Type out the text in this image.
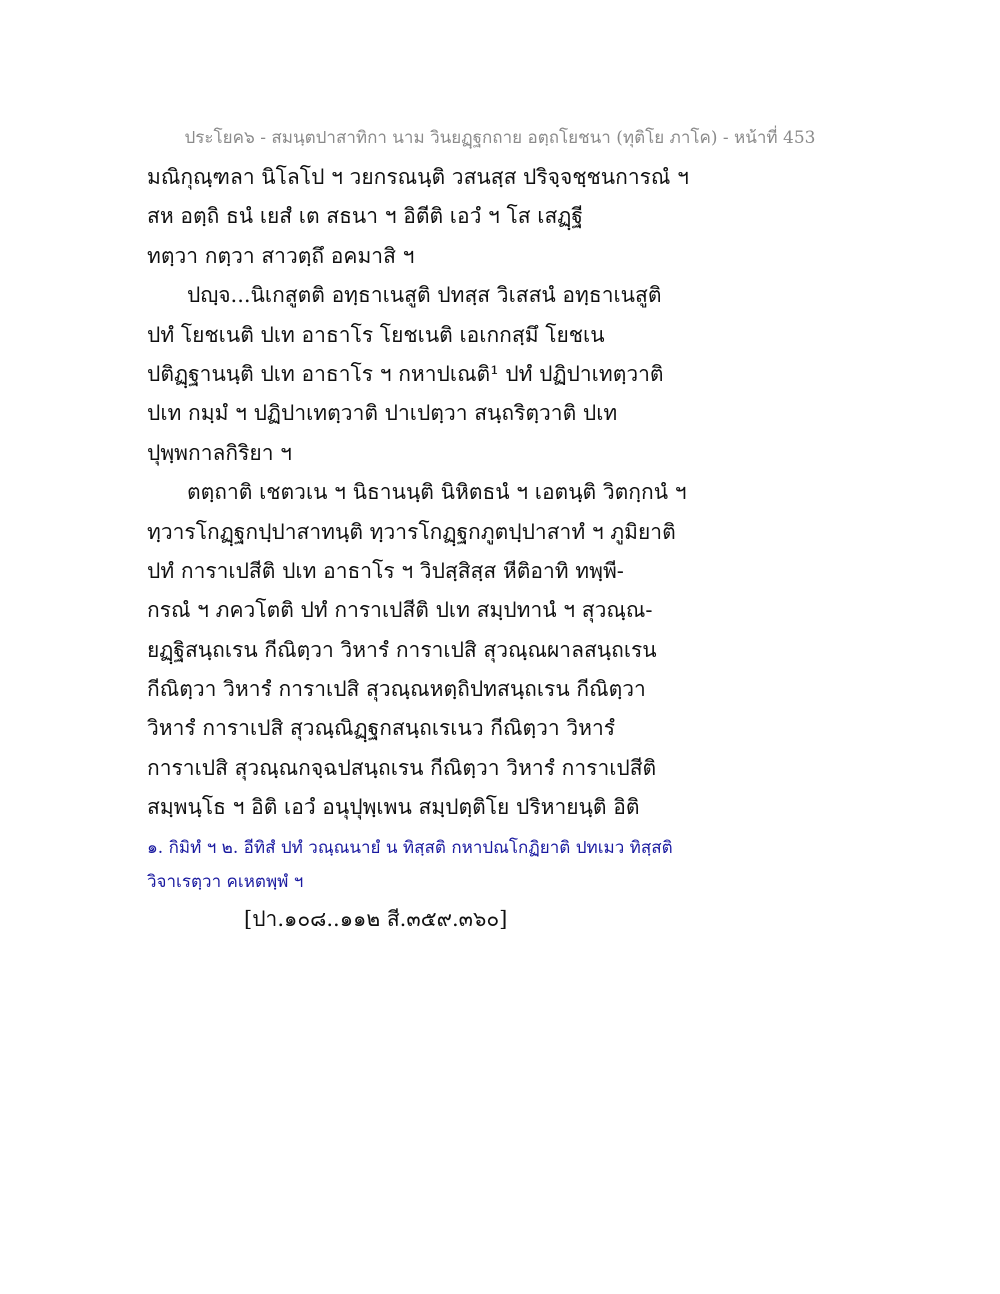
ประโยค๖ - สมนฺตปาสาทิกา นาม วินยฏฺฐกถาย อตฺถโยชนา (ทุติโย ภาโค) - หน้าที่ 453
มณิกุณฺฑลา นิโลโป ฯ วยกรณนฺติ วสนสฺส ปริจฺจชฺชนการณํ ฯ
สห อตฺถิ ธนํ เยสํ เต สธนา ฯ อิตีติ เอวํ ฯ โส เสฏฺฐี
ทตฺวา กตฺวา สาวตฺถึ อคมาสิ ฯ
ปญฺจ...นิเกสูตติ อทฺธาเนสูติ ปทสฺส วิเสสนํ อทฺธาเนสูติ
ปทํ โยชเนติ ปเท อาธาโร โยชเนติ เอเกกสฺมึ โยชเน
ปติฏฺฐานนฺติ ปเท อาธาโร ฯ กหาปเณติ¹ ปทํ ปฏิปาเทตฺวาติ
ปเท กมฺมํ ฯ ปฏิปาเทตฺวาติ ปาเปตฺวา สนฺถริตฺวาติ ปเท
ปุพฺพกาลกิริยา ฯ
ตตฺถาติ เชตวเน ฯ นิธานนฺติ นิหิตธนํ ฯ เอตนฺติ วิตกฺกนํ ฯ
ทฺวารโกฏฺฐกปฺปาสาทนฺติ ทฺวารโกฏฺฐกภูตปฺปาสาทํ ฯ ภูมิยาติ
ปทํ การาเปสีติ ปเท อาธาโร ฯ วิปสฺสิสฺส หีติอาทิ ทพฺพี-
กรณํ ฯ ภควโตติ ปทํ การาเปสีติ ปเท สมฺปทานํ ฯ สุวณฺณ-
ยฏฺฐิสนฺถเรน กีณิตฺวา วิหารํ การาเปสิ สุวณฺณผาลสนฺถเรน
กีณิตฺวา วิหารํ การาเปสิ สุวณฺณหตฺถิปทสนฺถเรน กีณิตฺวา
วิหารํ การาเปสิ สุวณฺณิฏฺฐกสนฺถเรเนว กีณิตฺวา วิหารํ
การาเปสิ สุวณฺณกจฺฉปสนฺถเรน กีณิตฺวา วิหารํ การาเปสีติ
สมฺพนฺโธ ฯ อิติ เอวํ อนุปุพฺเพน สมฺปตฺติโย ปริหายนฺติ อิติ
๑. กิมิทํ ฯ ๒. อีทิสํ ปทํ วณฺณนายํ น ทิสฺสติ กหาปณโกฏิยาติ ปทเมว ทิสฺสติ
วิจาเรตฺวา คเหตพฺพํ ฯ
[ปา.๑๐๘..๑๑๒ สี.๓๕๙.๓๖๐]
